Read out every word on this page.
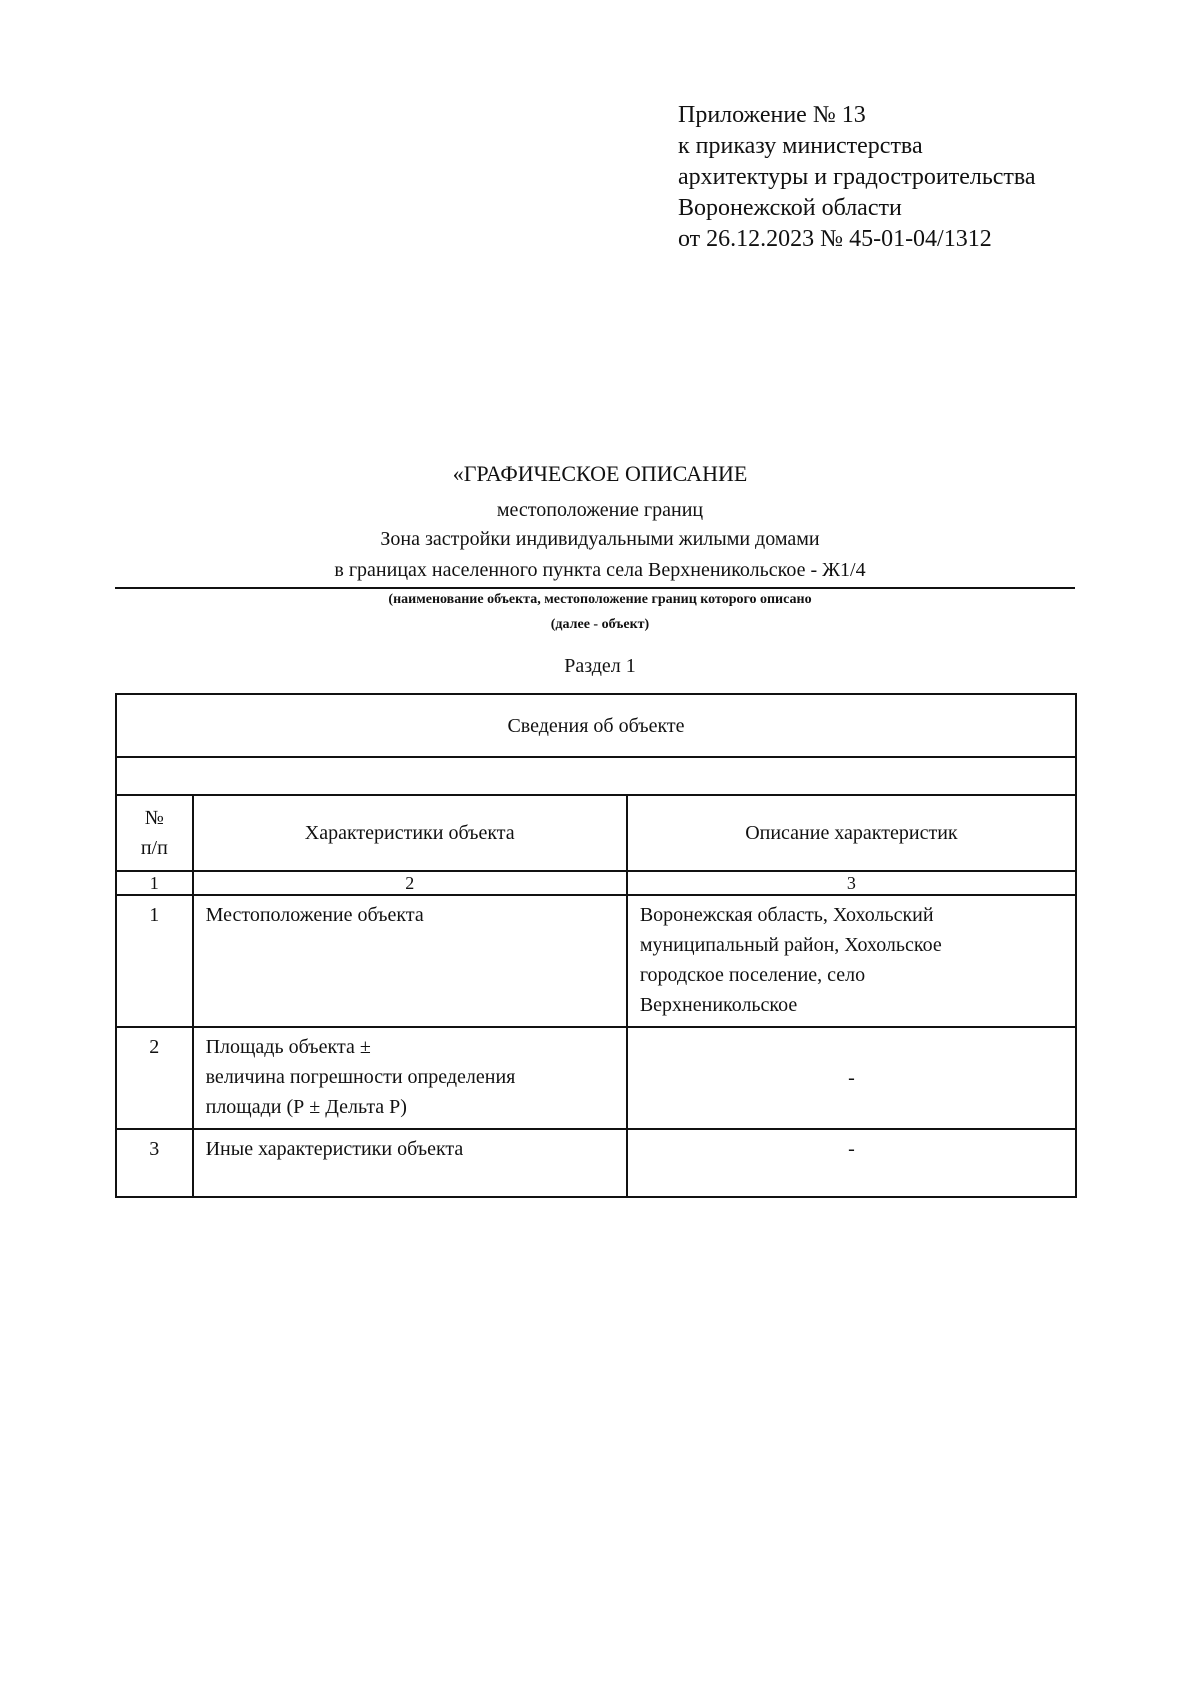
Приложение № 13
к приказу министерства
архитектуры и градостроительства
Воронежской области
от 26.12.2023 № 45-01-04/1312
«ГРАФИЧЕСКОЕ ОПИСАНИЕ
местоположение границ
Зона застройки индивидуальными жилыми домами
в границах населенного пункта села Верхненикольское - Ж1/4
(наименование объекта, местоположение границ которого описано
(далее - объект)
Раздел 1
Сведения об объекте		

№
п/п	Характеристики объекта	Описание характеристик
1	2	3
1	Местоположение объекта	Воронежская область, Хохольский
муниципальный район, Хохольское
городское поселение, село
Верхненикольское

2	Площадь объекта ±
величина погрешности определения
площади (Р ± Дельта Р)	-
3	Иные характеристики объекта	-
